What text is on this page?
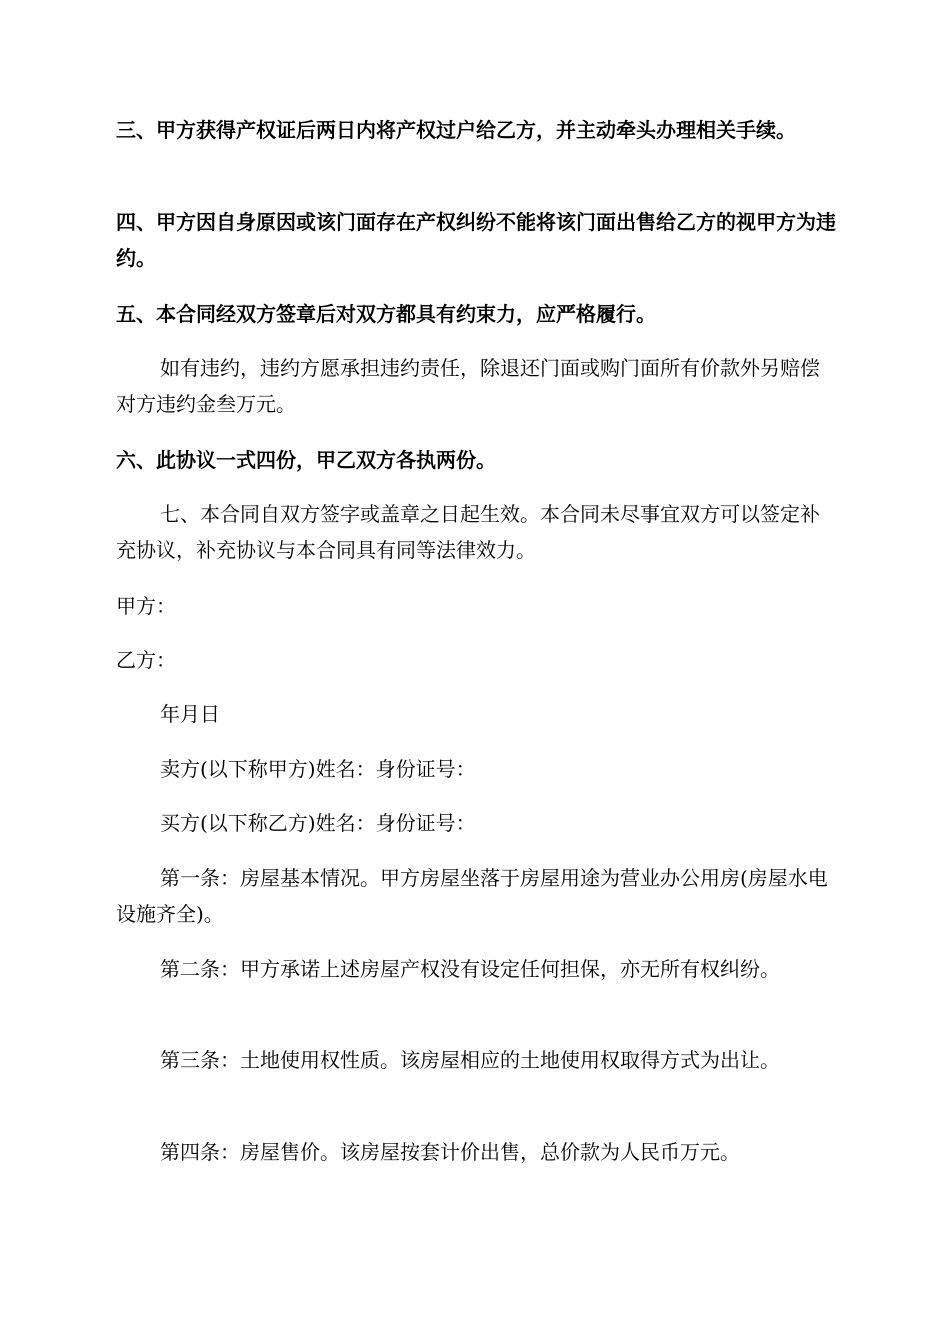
三、甲方获得产权证后两日内将产权过户给乙方，并主动牵头办理相关手续。

四、甲方因自身原因或该门面存在产权纠纷不能将该门面出售给乙方的视甲方为违约。

五、本合同经双方签章后对双方都具有约束力，应严格履行。

如有违约，违约方愿承担违约责任，除退还门面或购门面所有价款外另赔偿对方违约金叁万元。

六、此协议一式四份，甲乙双方各执两份。

七、本合同自双方签字或盖章之日起生效。本合同未尽事宜双方可以签定补充协议，补充协议与本合同具有同等法律效力。

甲方：

乙方：

年月日

卖方(以下称甲方)姓名：身份证号：

买方(以下称乙方)姓名：身份证号：

第一条：房屋基本情况。甲方房屋坐落于房屋用途为营业办公用房(房屋水电设施齐全)。

第二条：甲方承诺上述房屋产权没有设定任何担保，亦无所有权纠纷。

第三条：土地使用权性质。该房屋相应的土地使用权取得方式为出让。

第四条：房屋售价。该房屋按套计价出售，总价款为人民币万元。
